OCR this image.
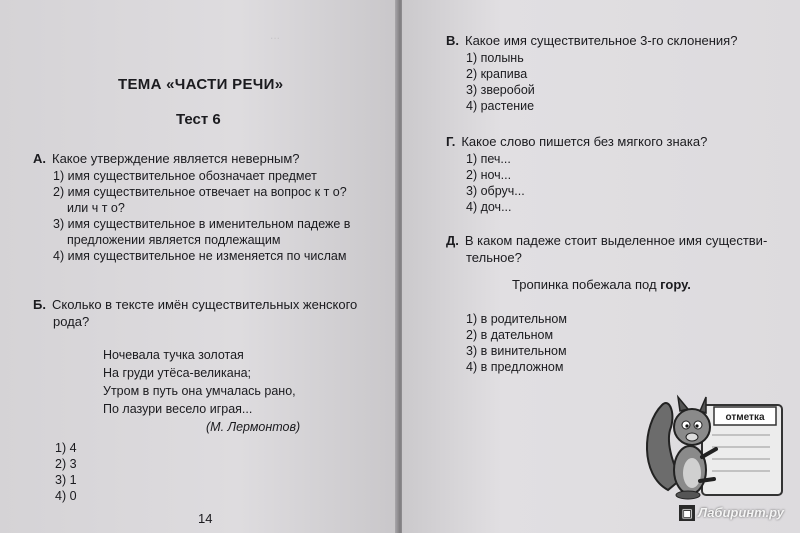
...
ТЕМА «ЧАСТИ РЕЧИ»
Тест 6
А. Какое утверждение является неверным?
1) имя существительное обозначает предмет
2) имя существительное отвечает на вопрос к т о?
или ч т о?
3) имя существительное в именительном падеже в
предложении является подлежащим
4) имя существительное не изменяется по числам
Б. Сколько в тексте имён существительных женского
рода?
Ночевала тучка золотая
На груди утёса-великана;
Утром в путь она умчалась рано,
По лазури весело играя...
(М. Лермонтов)
1) 4
2) 3
3) 1
4) 0
14
В. Какое имя существительное 3-го склонения?
1) полынь
2) крапива
3) зверобой
4) растение
Г. Какое слово пишется без мягкого знака?
1) печ...
2) ноч...
3) обруч...
4) доч...
Д. В каком падеже стоит выделенное имя существи-
тельное?
Тропинка побежала под гору.
1) в родительном
2) в дательном
3) в винительном
4) в предложном
отметка
▣ Лабиринт.ру
